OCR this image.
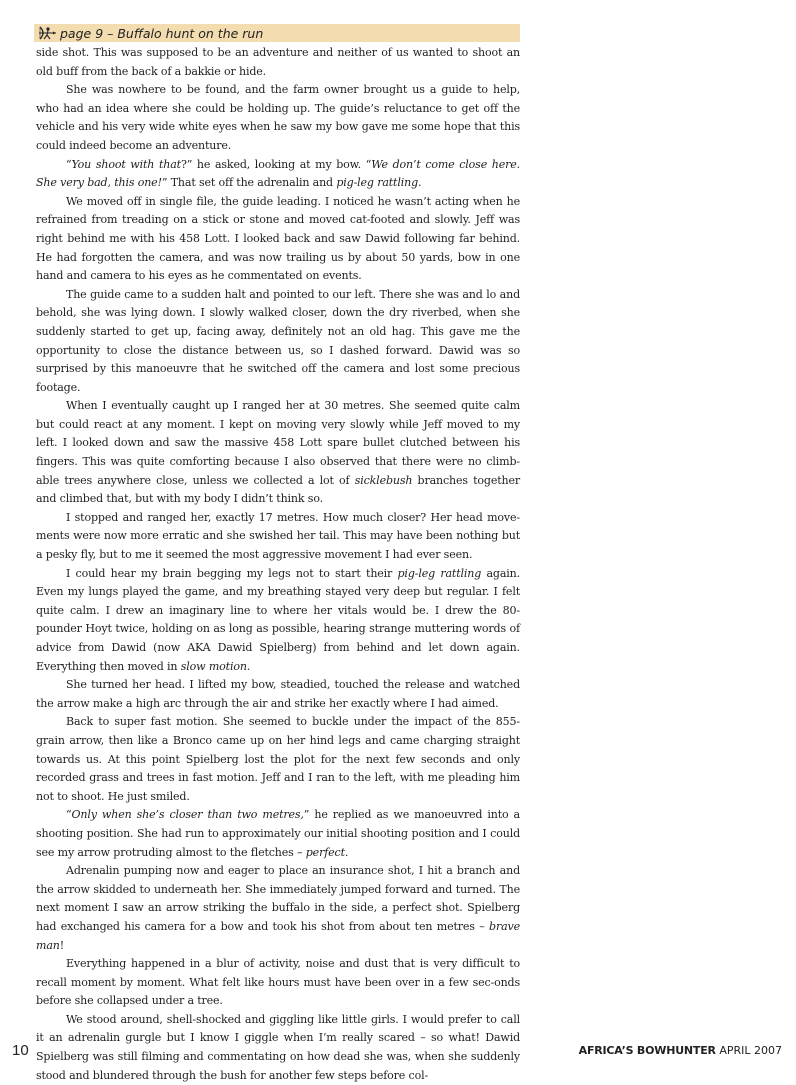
page 9 – Buffalo hunt on the run

side shot. This was supposed to be an adventure and neither of us wanted to shoot an old buff from the back of a bakkie or hide.

She was nowhere to be found, and the farm owner brought us a guide to help, who had an idea where she could be holding up. The guide’s reluctance to get off the vehicle and his very wide white eyes when he saw my bow gave me some hope that this could indeed become an adventure.

“You shoot with that?” he asked, looking at my bow. “We don’t come close here. She very bad, this one!” That set off the adrenalin and pig-leg rattling.

We moved off in single file, the guide leading. I noticed he wasn’t acting when he refrained from treading on a stick or stone and moved cat-footed and slowly. Jeff was right behind me with his 458 Lott. I looked back and saw Dawid following far behind. He had forgotten the camera, and was now trailing us by about 50 yards, bow in one hand and camera to his eyes as he commentated on events.

The guide came to a sudden halt and pointed to our left. There she was and lo and behold, she was lying down. I slowly walked closer, down the dry riverbed, when she suddenly started to get up, facing away, definitely not an old hag. This gave me the opportunity to close the distance between us, so I dashed forward. Dawid was so surprised by this manoeuvre that he switched off the camera and lost some precious footage.

When I eventually caught up I ranged her at 30 metres. She seemed quite calm but could react at any moment. I kept on moving very slowly while Jeff moved to my left. I looked down and saw the massive 458 Lott spare bullet clutched between his fingers. This was quite comforting because I also observed that there were no climb-able trees anywhere close, unless we collected a lot of sicklebush branches together and climbed that, but with my body I didn’t think so.

I stopped and ranged her, exactly 17 metres. How much closer? Her head move-ments were now more erratic and she swished her tail. This may have been nothing but a pesky fly, but to me it seemed the most aggressive movement I had ever seen.

I could hear my brain begging my legs not to start their pig-leg rattling again. Even my lungs played the game, and my breathing stayed very deep but regular. I felt quite calm. I drew an imaginary line to where her vitals would be. I drew the 80-pounder Hoyt twice, holding on as long as possible, hearing strange muttering words of advice from Dawid (now AKA Dawid Spielberg) from behind and let down again. Everything then moved in slow motion.

She turned her head. I lifted my bow, steadied, touched the release and watched the arrow make a high arc through the air and strike her exactly where I had aimed.

Back to super fast motion. She seemed to buckle under the impact of the 855-grain arrow, then like a Bronco came up on her hind legs and came charging straight towards us. At this point Spielberg lost the plot for the next few seconds and only recorded grass and trees in fast motion. Jeff and I ran to the left, with me pleading him not to shoot. He just smiled.

“Only when she’s closer than two metres,” he replied as we manoeuvred into a shooting position. She had run to approximately our initial shooting position and I could see my arrow protruding almost to the fletches – perfect.

Adrenalin pumping now and eager to place an insurance shot, I hit a branch and the arrow skidded to underneath her. She immediately jumped forward and turned. The next moment I saw an arrow striking the buffalo in the side, a perfect shot. Spielberg had exchanged his camera for a bow and took his shot from about ten metres – brave man!

Everything happened in a blur of activity, noise and dust that is very difficult to recall moment by moment. What felt like hours must have been over in a few sec-onds before she collapsed under a tree.

We stood around, shell-shocked and giggling like little girls. I would prefer to call it an adrenalin gurgle but I know I giggle when I’m really scared – so what! Dawid Spielberg was still filming and commentating on how dead she was, when she suddenly stood and blundered through the bush for another few steps before col-

10	AFRICA’S BOWHUNTER APRIL 2007
